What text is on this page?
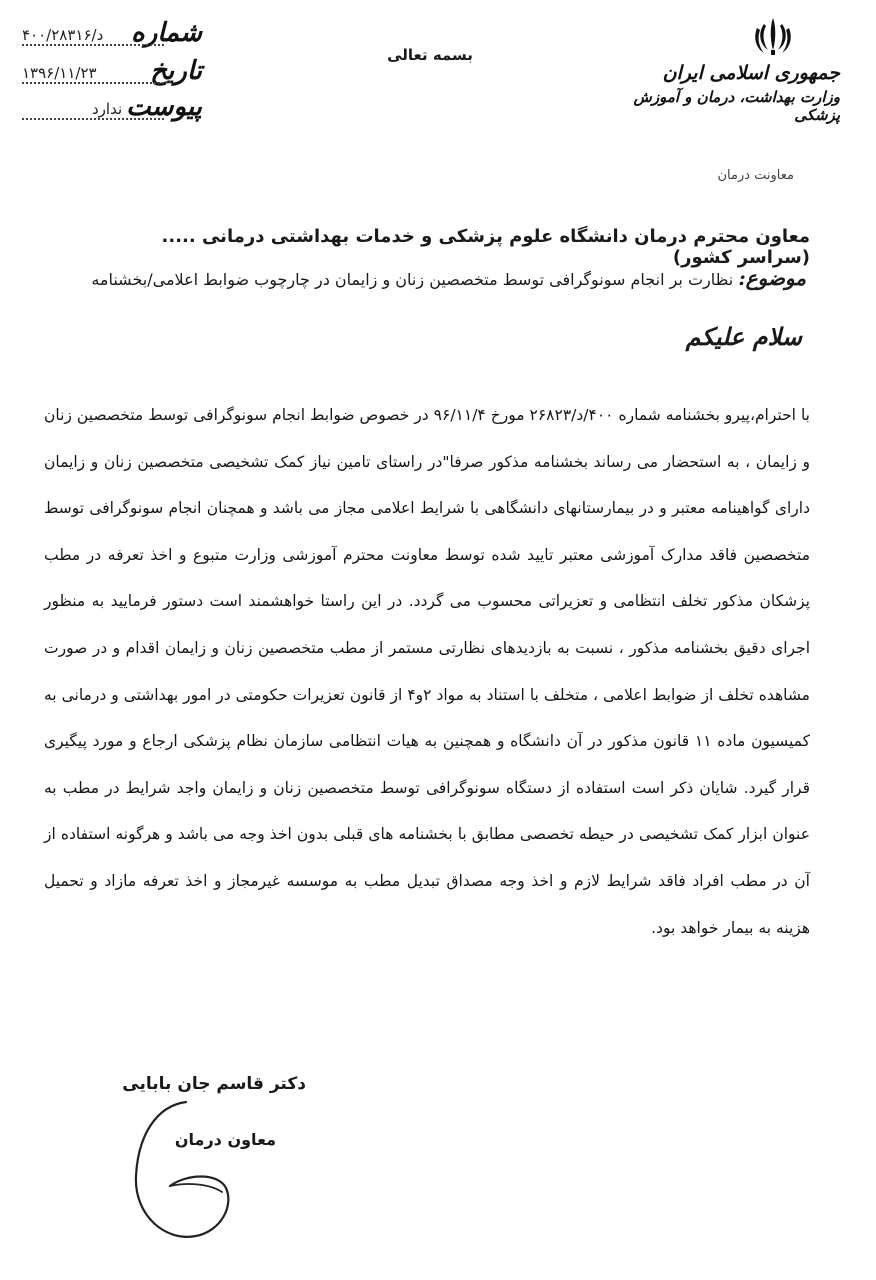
شماره
۴۰۰/د/۲۸۳۱۶
تاریخ
۱۳۹۶/۱۱/۲۳
پیوست
ندارد
بسمه تعالی
جمهوری اسلامی ایران
وزارت بهداشت، درمان و آموزش پزشکی
معاونت درمان
معاون محترم درمان دانشگاه علوم پزشکی و خدمات بهداشتی درمانی .....(سراسر کشور)
موضوع: نظارت بر انجام سونوگرافی توسط متخصصین زنان و زایمان در چارچوب ضوابط اعلامی/بخشنامه
سلام علیکم
با احترام،پیرو بخشنامه شماره ۴۰۰/د/۲۶۸۲۳ مورخ ۹۶/۱۱/۴ در خصوص ضوابط انجام سونوگرافی توسط متخصصین زنان و زایمان ، به استحضار می رساند بخشنامه مذکور صرفا"در راستای تامین نیاز کمک تشخیصی متخصصین زنان و زایمان دارای گواهینامه معتبر و در بیمارستانهای دانشگاهی با شرایط اعلامی مجاز می باشد و همچنان انجام سونوگرافی توسط متخصصین فاقد مدارک آموزشی معتبر تایید شده توسط معاونت محترم آموزشی وزارت متبوع و اخذ تعرفه در مطب پزشکان مذکور تخلف انتظامی و تعزیراتی محسوب می گردد. در این راستا خواهشمند است دستور فرمایید به منظور اجرای دقیق بخشنامه مذکور ، نسبت به بازدیدهای نظارتی مستمر از مطب متخصصین زنان و زایمان اقدام و در صورت مشاهده تخلف از ضوابط اعلامی ، متخلف با استناد به مواد ۲و۴ از قانون تعزیرات حکومتی در امور بهداشتی و درمانی به کمیسیون ماده ۱۱ قانون مذکور در آن دانشگاه و همچنین به هیات انتظامی سازمان نظام پزشکی ارجاع و مورد پیگیری قرار گیرد. شایان ذکر است استفاده از دستگاه سونوگرافی توسط متخصصین زنان و زایمان واجد شرایط در مطب به عنوان ابزار کمک تشخیصی در حیطه تخصصی مطابق با بخشنامه های قبلی بدون اخذ وجه می باشد و هرگونه استفاده از آن در مطب افراد فاقد شرایط لازم و اخذ وجه مصداق تبدیل مطب به موسسه غیرمجاز و اخذ تعرفه مازاد و تحمیل هزینه به بیمار خواهد بود.
دکتر قاسم جان بابایی
معاون درمان
